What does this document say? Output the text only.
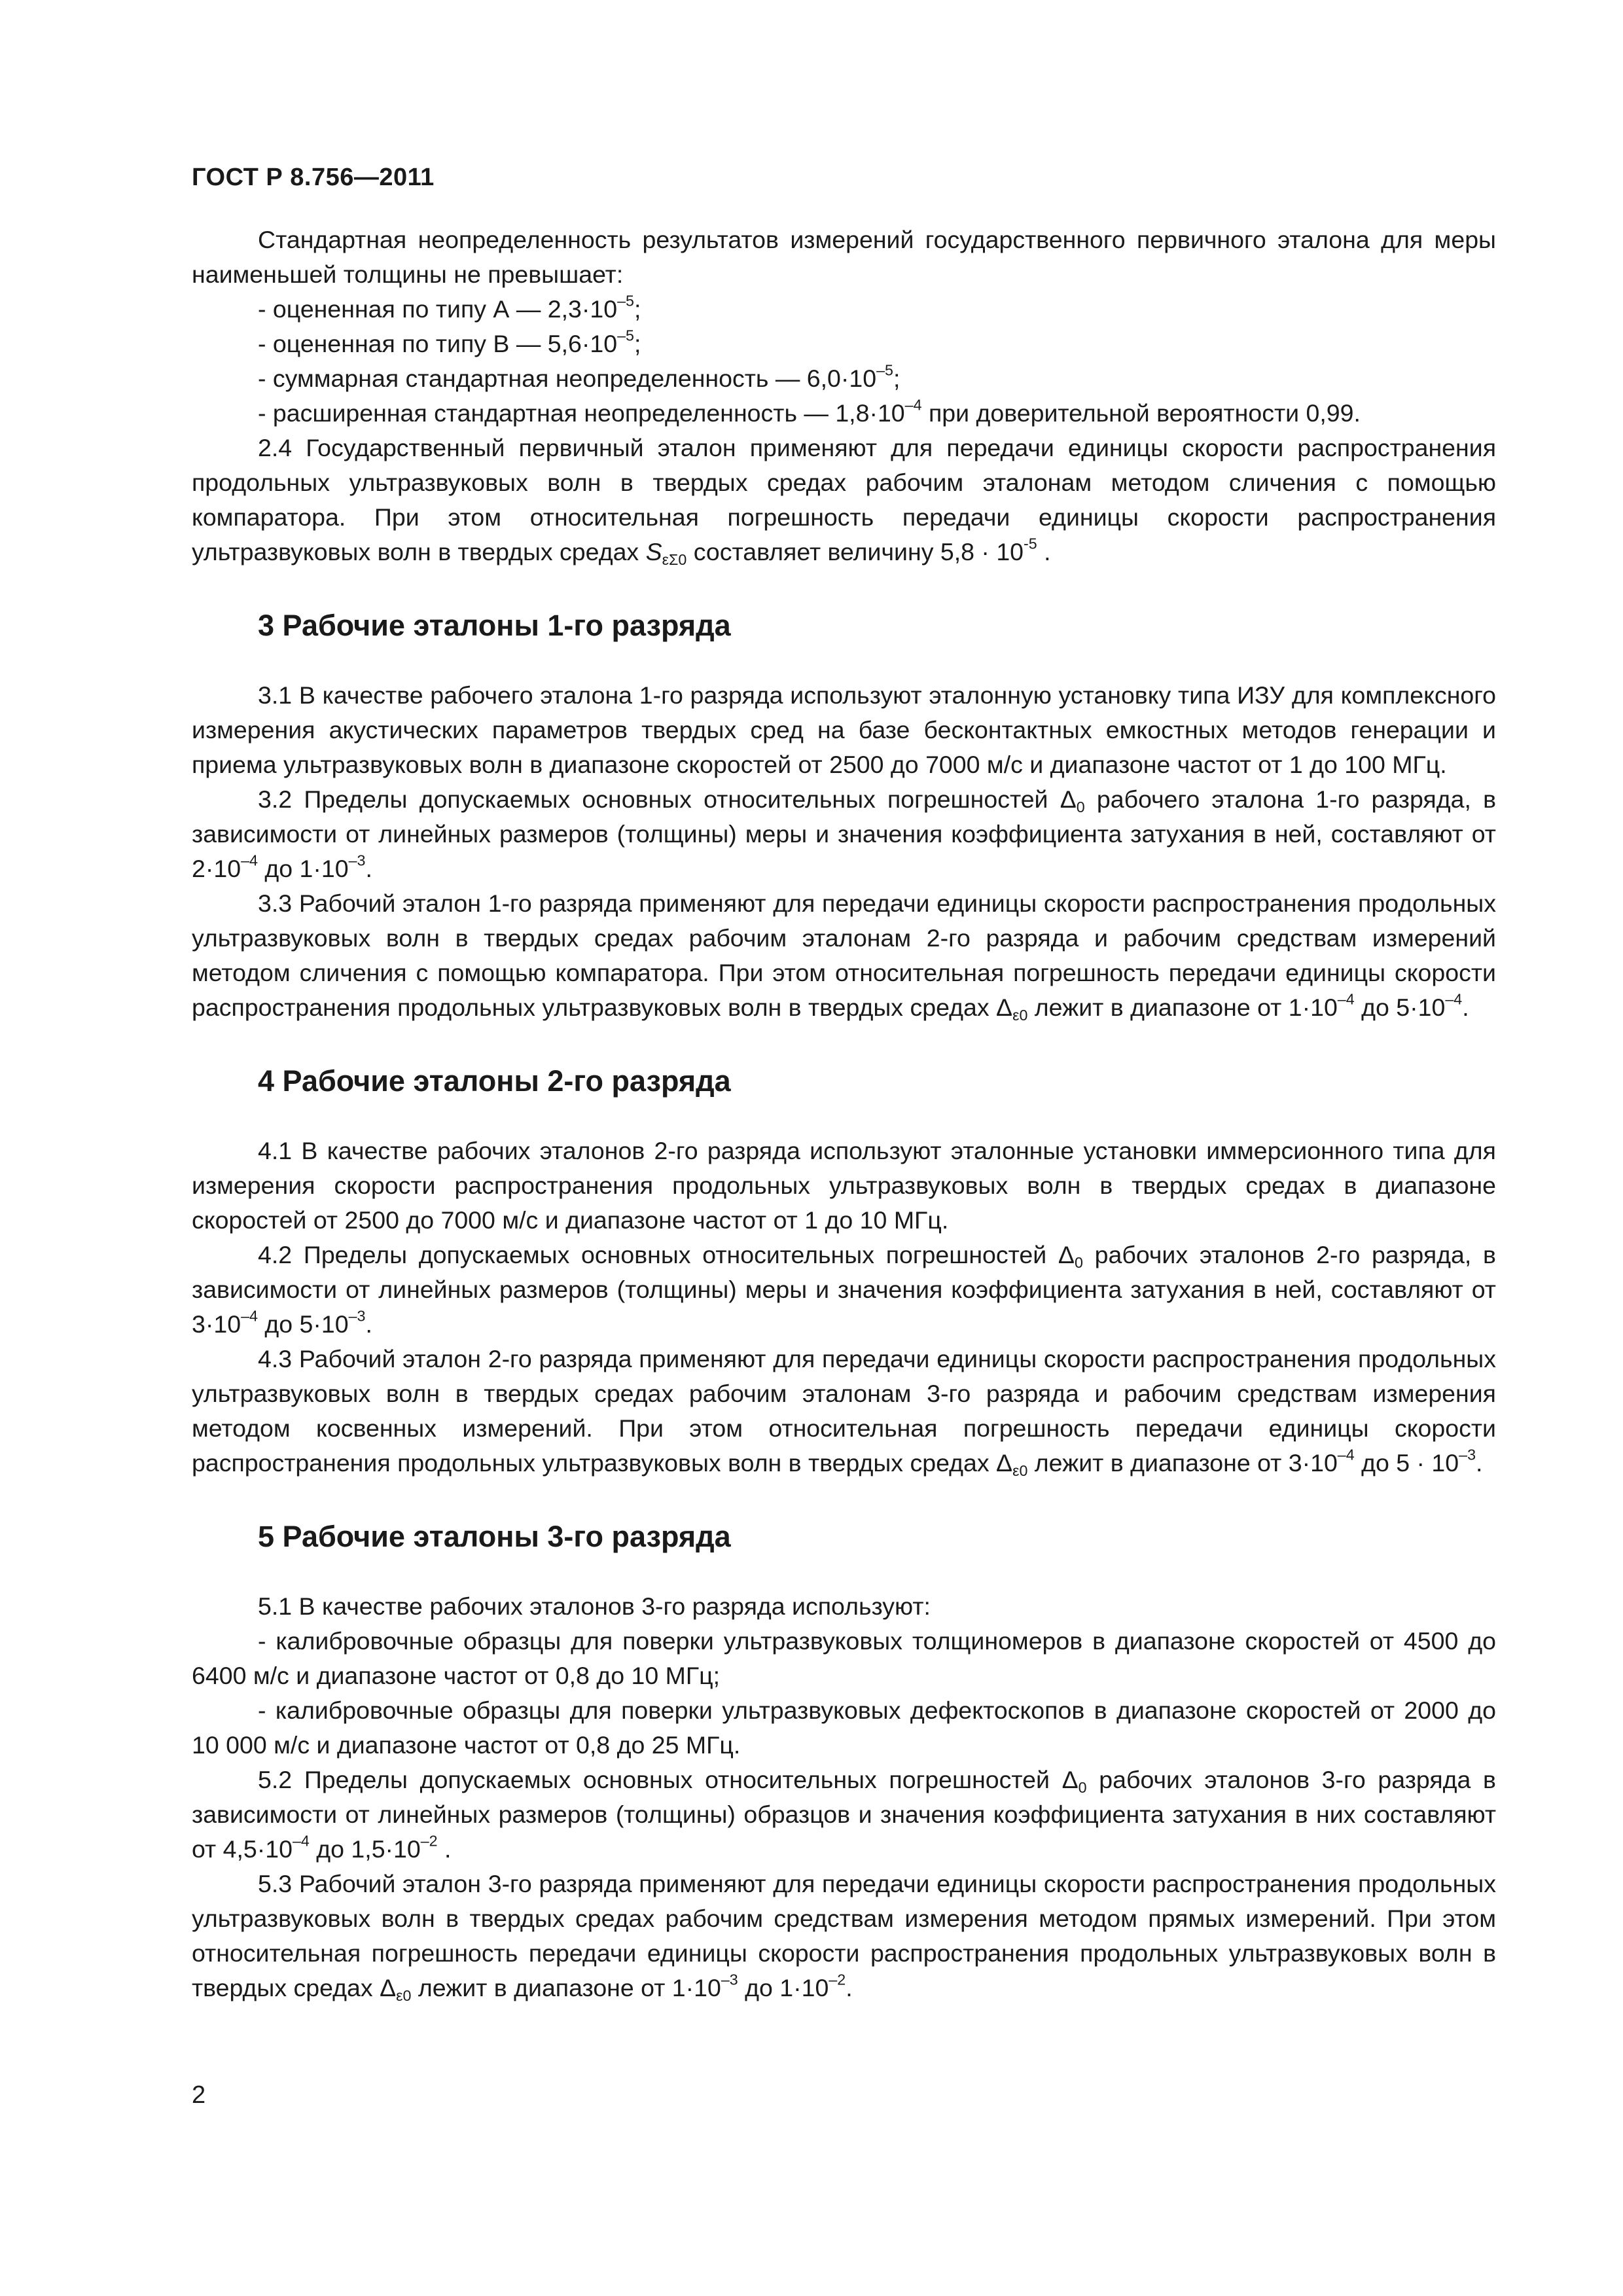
ГОСТ Р 8.756—2011

Стандартная неопределенность результатов измерений государственного первичного эталона для меры наименьшей толщины не превышает:

- оцененная по типу А — $2,3\cdot 10^{-5}$;

- оцененная по типу В — $5,6\cdot 10^{-5}$;

- суммарная стандартная неопределенность — $6,0\cdot 10^{-5}$;

- расширенная стандартная неопределенность — $1,8\cdot 10^{-4}$ при доверительной вероятности 0,99.

2.4 Государственный первичный эталон применяют для передачи единицы скорости распространения продольных ультразвуковых волн в твердых средах рабочим эталонам методом сличения с помощью компаратора. При этом относительная погрешность передачи единицы скорости распространения ультразвуковых волн в твердых средах $S_{\varepsilon\Sigma 0}$ составляет величину $5,8 \cdot 10^{-5}$ .

3 Рабочие эталоны 1-го разряда

3.1 В качестве рабочего эталона 1-го разряда используют эталонную установку типа ИЗУ для комплексного измерения акустических параметров твердых сред на базе бесконтактных емкостных методов генерации и приема ультразвуковых волн в диапазоне скоростей от 2500 до 7000 м/с и диапазоне частот от 1 до 100 МГц.

3.2 Пределы допускаемых основных относительных погрешностей $\Delta_0$ рабочего эталона 1-го разряда, в зависимости от линейных размеров (толщины) меры и значения коэффициента затухания в ней, составляют от $2\cdot 10^{-4}$ до $1\cdot 10^{-3}$.

3.3 Рабочий эталон 1-го разряда применяют для передачи единицы скорости распространения продольных ультразвуковых волн в твердых средах рабочим эталонам 2-го разряда и рабочим средствам измерений методом сличения с помощью компаратора. При этом относительная погрешность передачи единицы скорости распространения продольных ультразвуковых волн в твердых средах $\Delta_{\varepsilon 0}$ лежит в диапазоне от $1\cdot 10^{-4}$ до $5\cdot 10^{-4}$.

4 Рабочие эталоны 2-го разряда

4.1 В качестве рабочих эталонов 2-го разряда используют эталонные установки иммерсионного типа для измерения скорости распространения продольных ультразвуковых волн в твердых средах в диапазоне скоростей от 2500 до 7000 м/с и диапазоне частот от 1 до 10 МГц.

4.2 Пределы допускаемых основных относительных погрешностей $\Delta_0$ рабочих эталонов 2-го разряда, в зависимости от линейных размеров (толщины) меры и значения коэффициента затухания в ней, составляют от $3\cdot 10^{-4}$ до $5\cdot 10^{-3}$.

4.3 Рабочий эталон 2-го разряда применяют для передачи единицы скорости распространения продольных ультразвуковых волн в твердых средах рабочим эталонам 3-го разряда и рабочим средствам измерения методом косвенных измерений. При этом относительная погрешность передачи единицы скорости распространения продольных ультразвуковых волн в твердых средах $\Delta_{\varepsilon 0}$ лежит в диапазоне от $3\cdot 10^{-4}$ до $5 \cdot 10^{-3}$.

5 Рабочие эталоны 3-го разряда

5.1 В качестве рабочих эталонов 3-го разряда используют:

- калибровочные образцы для поверки ультразвуковых толщиномеров в диапазоне скоростей от 4500 до 6400 м/с и диапазоне частот от 0,8 до 10 МГц;

- калибровочные образцы для поверки ультразвуковых дефектоскопов в диапазоне скоростей от 2000 до 10 000 м/с и диапазоне частот от 0,8 до 25 МГц.

5.2 Пределы допускаемых основных относительных погрешностей $\Delta_0$ рабочих эталонов 3-го разряда в зависимости от линейных размеров (толщины) образцов и значения коэффициента затухания в них составляют от $4,5\cdot 10^{-4}$ до $1,5\cdot 10^{-2}$ .

5.3 Рабочий эталон 3-го разряда применяют для передачи единицы скорости распространения продольных ультразвуковых волн в твердых средах рабочим средствам измерения методом прямых измерений. При этом относительная погрешность передачи единицы скорости распространения продольных ультразвуковых волн в твердых средах $\Delta_{\varepsilon 0}$ лежит в диапазоне от $1\cdot 10^{-3}$ до $1\cdot 10^{-2}$.

2
